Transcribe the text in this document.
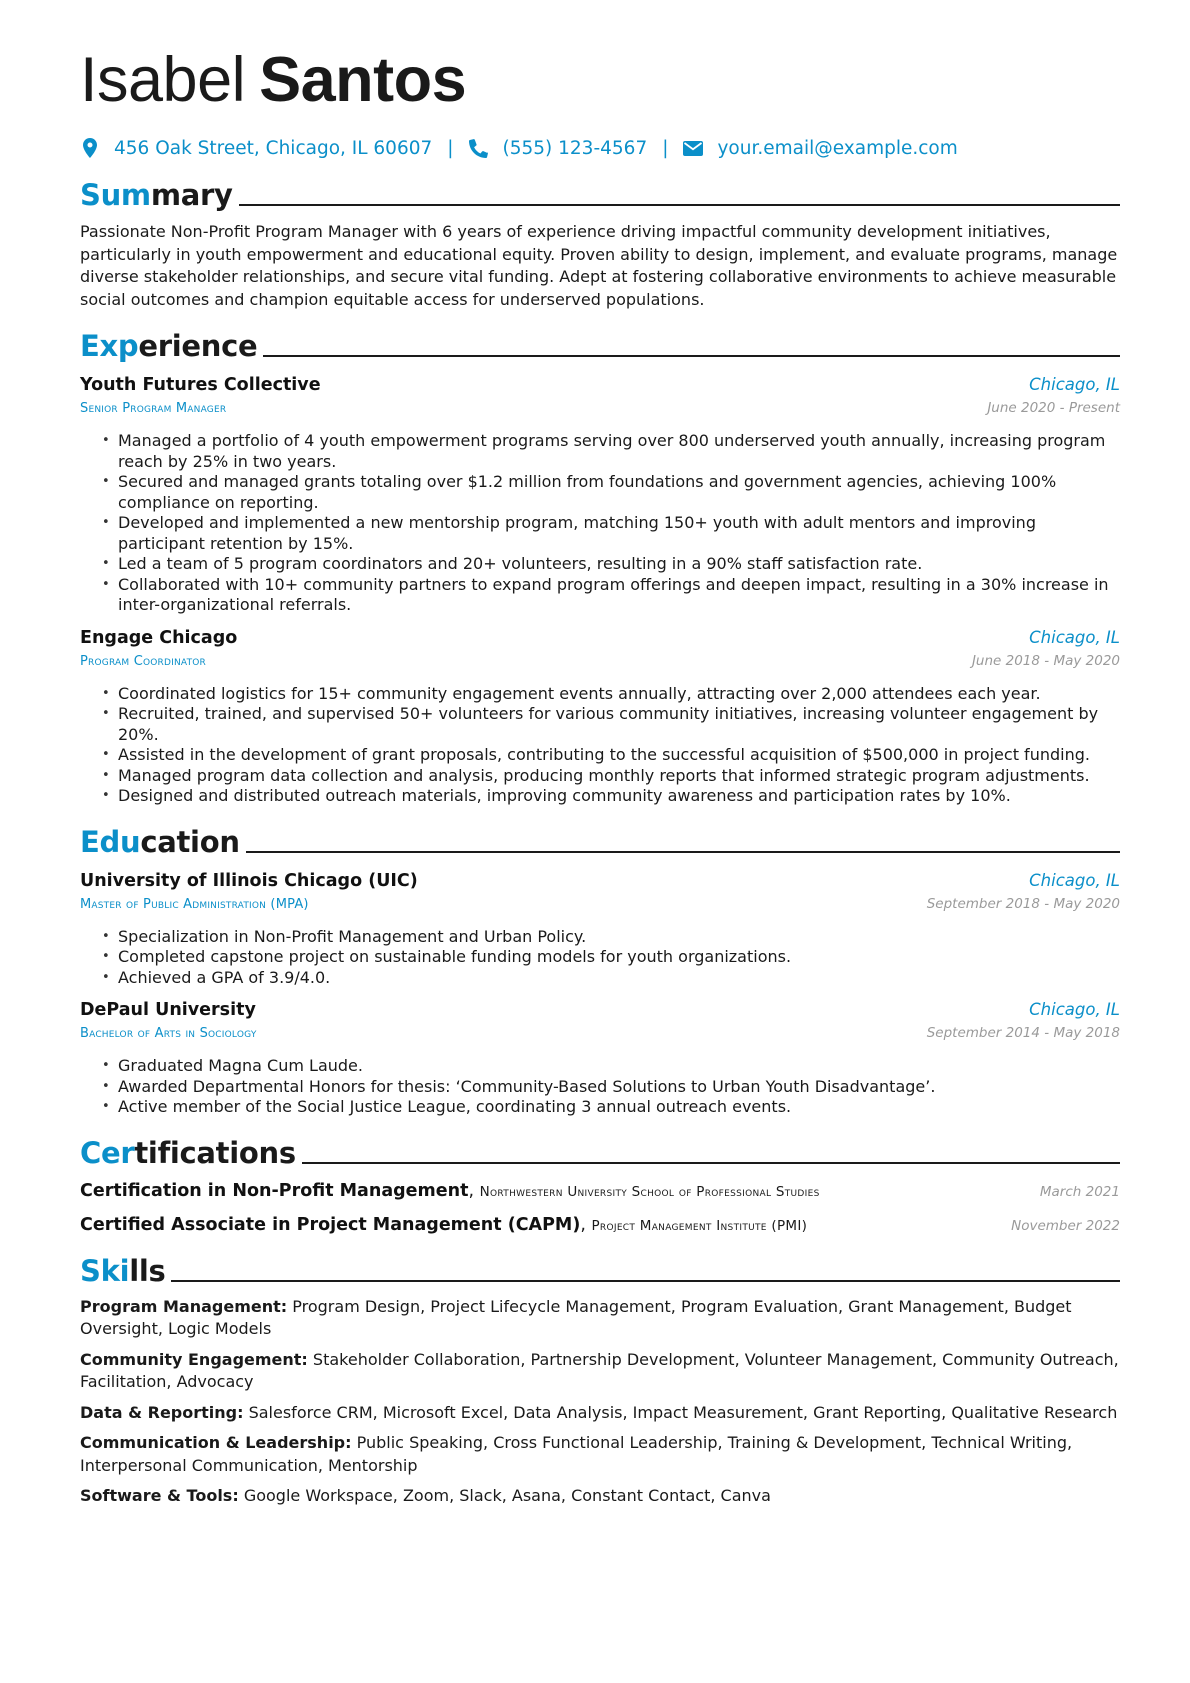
Isabel Santos
456 Oak Street, Chicago, IL 60607 |	(555) 123-4567 |	your.email@example.com
Summary

Passionate Non-Profit Program Manager with 6 years of experience driving impactful community development initiatives, particularly in youth empowerment and educational equity. Proven ability to design, implement, and evaluate programs, manage diverse stakeholder relationships, and secure vital funding. Adept at fostering collaborative environments to achieve measurable social outcomes and champion equitable access for underserved populations.

Experience
Youth Futures Collective	Chicago, IL
Senior Program Manager	June 2020 - Present
• Managed a portfolio of 4 youth empowerment programs serving over 800 underserved youth annually, increasing program reach by 25% in two years.
• Secured and managed grants totaling over $1.2 million from foundations and government agencies, achieving 100% compliance on reporting.
• Developed and implemented a new mentorship program, matching 150+ youth with adult mentors and improving participant retention by 15%.
• Led a team of 5 program coordinators and 20+ volunteers, resulting in a 90% staff satisfaction rate.
• Collaborated with 10+ community partners to expand program offerings and deepen impact, resulting in a 30% increase in inter-organizational referrals.
Engage Chicago	Chicago, IL
Program Coordinator	June 2018 - May 2020
• Coordinated logistics for 15+ community engagement events annually, attracting over 2,000 attendees each year.
• Recruited, trained, and supervised 50+ volunteers for various community initiatives, increasing volunteer engagement by 20%.
• Assisted in the development of grant proposals, contributing to the successful acquisition of $500,000 in project funding.
• Managed program data collection and analysis, producing monthly reports that informed strategic program adjustments.
• Designed and distributed outreach materials, improving community awareness and participation rates by 10%.
Education
University of Illinois Chicago (UIC)	Chicago, IL
Master of Public Administration (MPA)	September 2018 - May 2020
• Specialization in Non-Profit Management and Urban Policy.
• Completed capstone project on sustainable funding models for youth organizations.
• Achieved a GPA of 3.9/4.0.
DePaul University	Chicago, IL
Bachelor of Arts in Sociology	September 2014 - May 2018
• Graduated Magna Cum Laude.
• Awarded Departmental Honors for thesis: ‘Community-Based Solutions to Urban Youth Disadvantage’.
• Active member of the Social Justice League, coordinating 3 annual outreach events.
Certifications
Certification in Non-Profit Management, Northwestern University School of Professional Studies	March 2021
Certified Associate in Project Management (CAPM), Project Management Institute (PMI)	November 2022
Skills

Program Management: Program Design, Project Lifecycle Management, Program Evaluation, Grant Management, Budget Oversight, Logic Models

Community Engagement: Stakeholder Collaboration, Partnership Development, Volunteer Management, Community Outreach, Facilitation, Advocacy

Data & Reporting: Salesforce CRM, Microsoft Excel, Data Analysis, Impact Measurement, Grant Reporting, Qualitative Research

Communication & Leadership: Public Speaking, Cross Functional Leadership, Training & Development, Technical Writing, Interpersonal Communication, Mentorship

Software & Tools: Google Workspace, Zoom, Slack, Asana, Constant Contact, Canva
